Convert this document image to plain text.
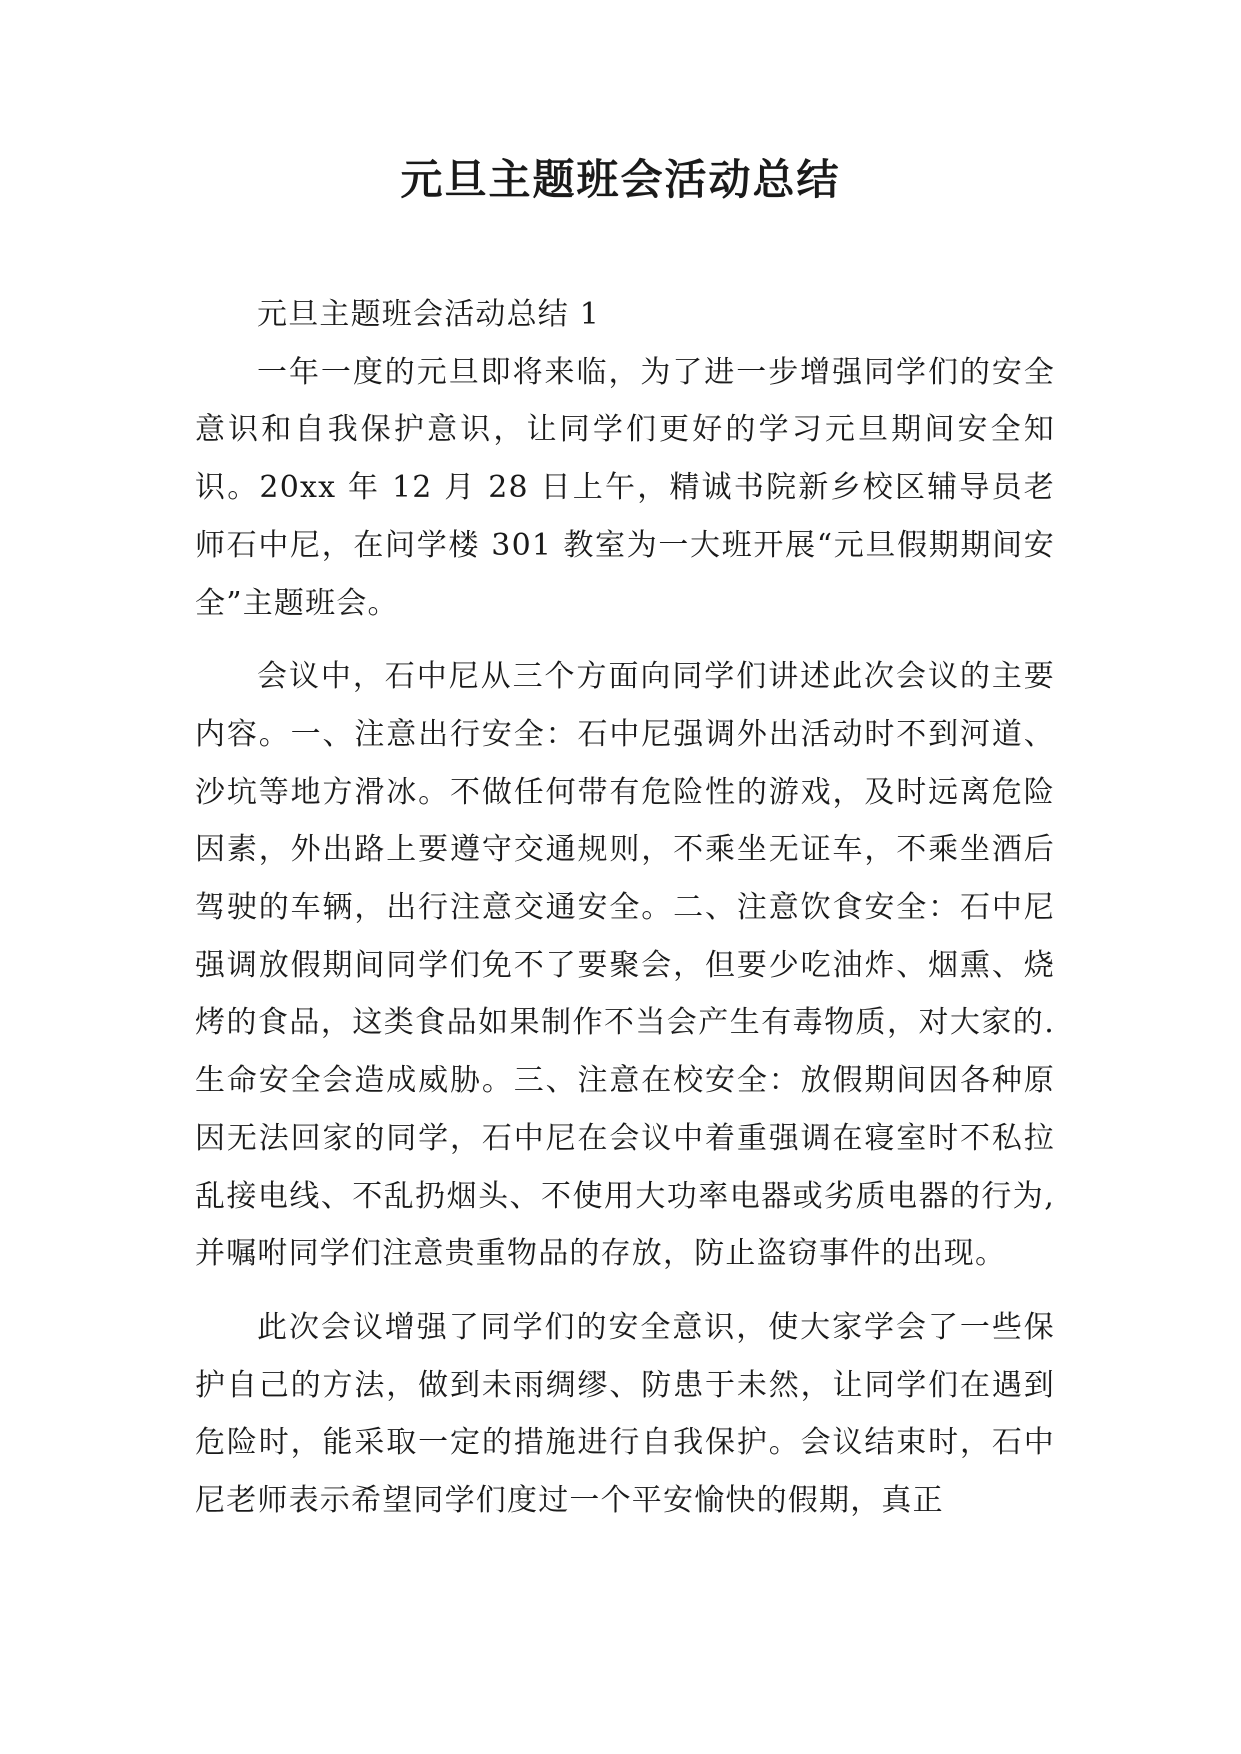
元旦主题班会活动总结

元旦主题班会活动总结 1

一年一度的元旦即将来临，为了进一步增强同学们的安全意识和自我保护意识，让同学们更好的学习元旦期间安全知识。20xx 年 12 月 28 日上午，精诚书院新乡校区辅导员老师石中尼，在问学楼 301 教室为一大班开展“元旦假期期间安全”主题班会。

会议中，石中尼从三个方面向同学们讲述此次会议的主要内容。一、注意出行安全：石中尼强调外出活动时不到河道、沙坑等地方滑冰。不做任何带有危险性的游戏，及时远离危险因素，外出路上要遵守交通规则，不乘坐无证车，不乘坐酒后驾驶的车辆，出行注意交通安全。二、注意饮食安全：石中尼强调放假期间同学们免不了要聚会，但要少吃油炸、烟熏、烧烤的食品，这类食品如果制作不当会产生有毒物质，对大家的.生命安全会造成威胁。三、注意在校安全：放假期间因各种原因无法回家的同学，石中尼在会议中着重强调在寝室时不私拉乱接电线、不乱扔烟头、不使用大功率电器或劣质电器的行为,并嘱咐同学们注意贵重物品的存放，防止盗窃事件的出现。

此次会议增强了同学们的安全意识，使大家学会了一些保护自己的方法，做到未雨绸缪、防患于未然，让同学们在遇到危险时，能采取一定的措施进行自我保护。会议结束时，石中尼老师表示希望同学们度过一个平安愉快的假期，真正
